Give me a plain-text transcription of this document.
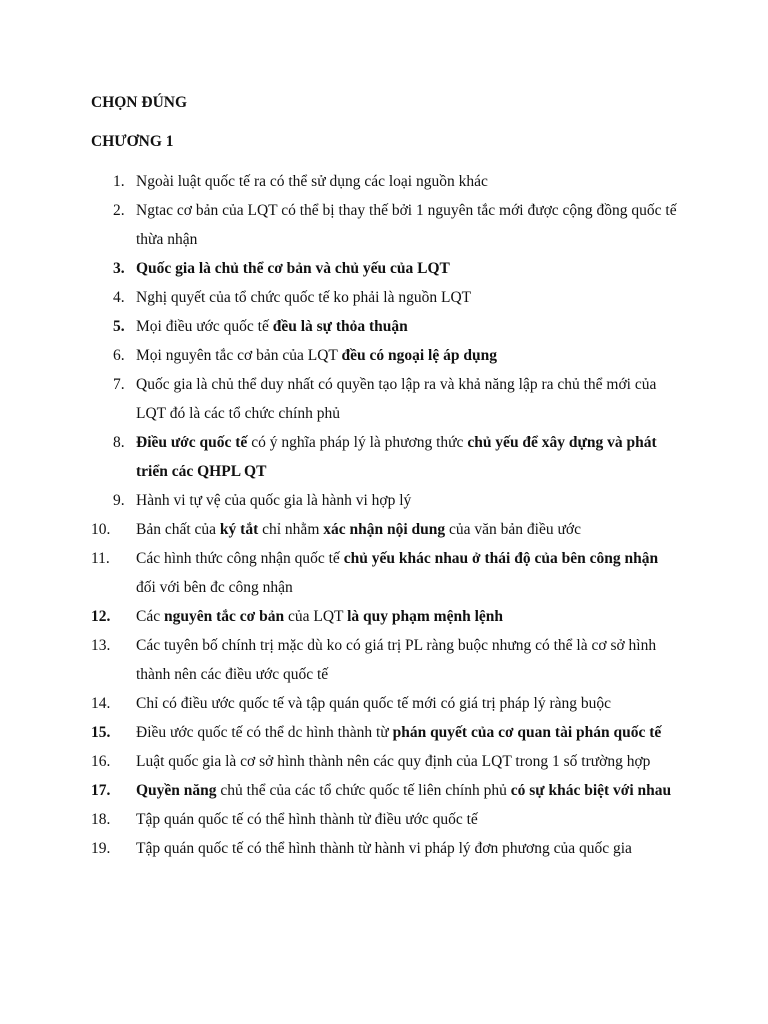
CHỌN ĐÚNG
CHƯƠNG 1
1. Ngoài luật quốc tế ra có thể sử dụng các loại nguồn khác
2. Ngtac cơ bản của LQT có thể bị thay thế bởi 1 nguyên tắc mới được cộng đồng quốc tế thừa nhận
3. Quốc gia là chủ thể cơ bản và chủ yếu của LQT
4. Nghị quyết của tổ chức quốc tế ko phải là nguồn LQT
5. Mọi điều ước quốc tế đều là sự thỏa thuận
6. Mọi nguyên tắc cơ bản của LQT đều có ngoại lệ áp dụng
7. Quốc gia là chủ thể duy nhất có quyền tạo lập ra và khả năng lập ra chủ thể mới của LQT đó là các tổ chức chính phủ
8. Điều ước quốc tế có ý nghĩa pháp lý là phương thức chủ yếu để xây dựng và phát triển các QHPL QT
9. Hành vi tự vệ của quốc gia là hành vi hợp lý
10.	Bản chất của ký tắt chỉ nhằm xác nhận nội dung của văn bản điều ước
11.	Các hình thức công nhận quốc tế chủ yếu khác nhau ở thái độ của bên công nhận đối với bên đc công nhận
12.	Các nguyên tắc cơ bản của LQT là quy phạm mệnh lệnh
13.	Các tuyên bố chính trị mặc dù ko có giá trị PL ràng buộc nhưng có thể là cơ sở hình thành nên các điều ước quốc tế
14.	Chỉ có điều ước quốc tế và tập quán quốc tế mới có giá trị pháp lý ràng buộc
15.	Điều ước quốc tế có thể dc hình thành từ phán quyết của cơ quan tài phán quốc tế
16.	Luật quốc gia là cơ sở hình thành nên các quy định của LQT trong 1 số trường hợp
17.	Quyền năng chủ thể của các tổ chức quốc tế liên chính phủ có sự khác biệt với nhau
18.	Tập quán quốc tế có thể hình thành từ điều ước quốc tế
19.	Tập quán quốc tế có thể hình thành từ hành vi pháp lý đơn phương của quốc gia
